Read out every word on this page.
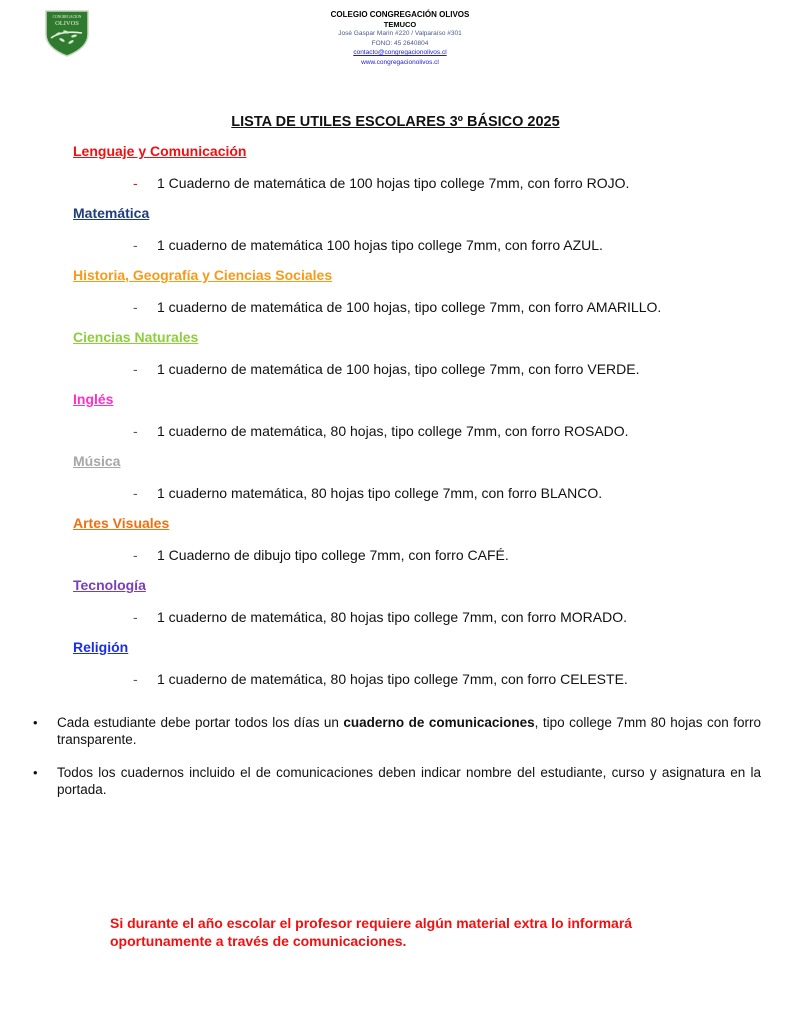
CONGREGACION
OLIVOS
COLEGIO CONGREGACIÓN OLIVOS
TEMUCO
José Gaspar Marin #220 / Valparaíso #301
FONO: 45 2640804
contacto@congregacionolivos.cl
www.congregacionolivos.cl
LISTA DE UTILES ESCOLARES 3º BÁSICO 2025
Lenguaje y Comunicación
- 1 Cuaderno de matemática de 100 hojas tipo college 7mm, con forro ROJO.
Matemática
- 1 cuaderno de matemática 100 hojas tipo college 7mm, con forro AZUL.
Historia, Geografía y Ciencias Sociales
- 1 cuaderno de matemática de 100 hojas, tipo college 7mm, con forro AMARILLO.
Ciencias Naturales
- 1 cuaderno de matemática de 100 hojas, tipo college 7mm, con forro VERDE.
Inglés
- 1 cuaderno de matemática, 80 hojas, tipo college 7mm, con forro ROSADO.
Música
- 1 cuaderno matemática, 80 hojas tipo college 7mm, con forro BLANCO.
Artes Visuales
- 1 Cuaderno de dibujo tipo college 7mm, con forro CAFÉ.
Tecnología
- 1 cuaderno de matemática, 80 hojas tipo college 7mm, con forro MORADO.
Religión
- 1 cuaderno de matemática, 80 hojas tipo college 7mm, con forro CELESTE.
• Cada estudiante debe portar todos los días un cuaderno de comunicaciones, tipo college 7mm 80 hojas con forro transparente.
• Todos los cuadernos incluido el de comunicaciones deben indicar nombre del estudiante, curso y asignatura en la portada.
Si durante el año escolar el profesor requiere algún material extra lo informará oportunamente a través de comunicaciones.
